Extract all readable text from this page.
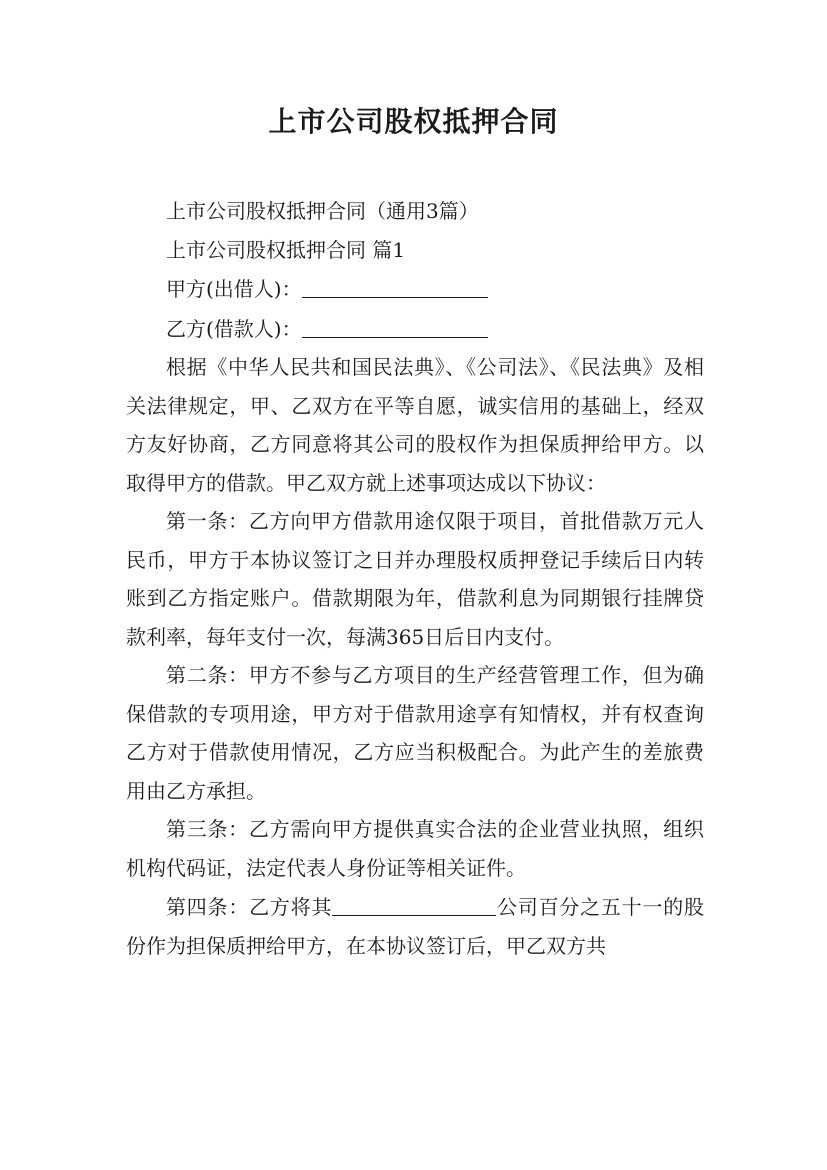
上市公司股权抵押合同

上市公司股权抵押合同（通用3篇）

上市公司股权抵押合同 篇1

甲方(出借人)：

乙方(借款人)：

根据《中华人民共和国民法典》、《公司法》、《民法典》及相关法律规定，甲、乙双方在平等自愿，诚实信用的基础上，经双方友好协商，乙方同意将其公司的股权作为担保质押给甲方。以取得甲方的借款。甲乙双方就上述事项达成以下协议：

第一条：乙方向甲方借款用途仅限于项目，首批借款万元人民币，甲方于本协议签订之日并办理股权质押登记手续后日内转账到乙方指定账户。借款期限为年，借款利息为同期银行挂牌贷款利率，每年支付一次，每满365日后日内支付。

第二条：甲方不参与乙方项目的生产经营管理工作，但为确保借款的专项用途，甲方对于借款用途享有知情权，并有权查询乙方对于借款使用情况，乙方应当积极配合。为此产生的差旅费用由乙方承担。

第三条：乙方需向甲方提供真实合法的企业营业执照，组织机构代码证，法定代表人身份证等相关证件。

第四条：乙方将其	公司百分之五十一的股份作为担保质押给甲方，在本协议签订后，甲乙双方共
